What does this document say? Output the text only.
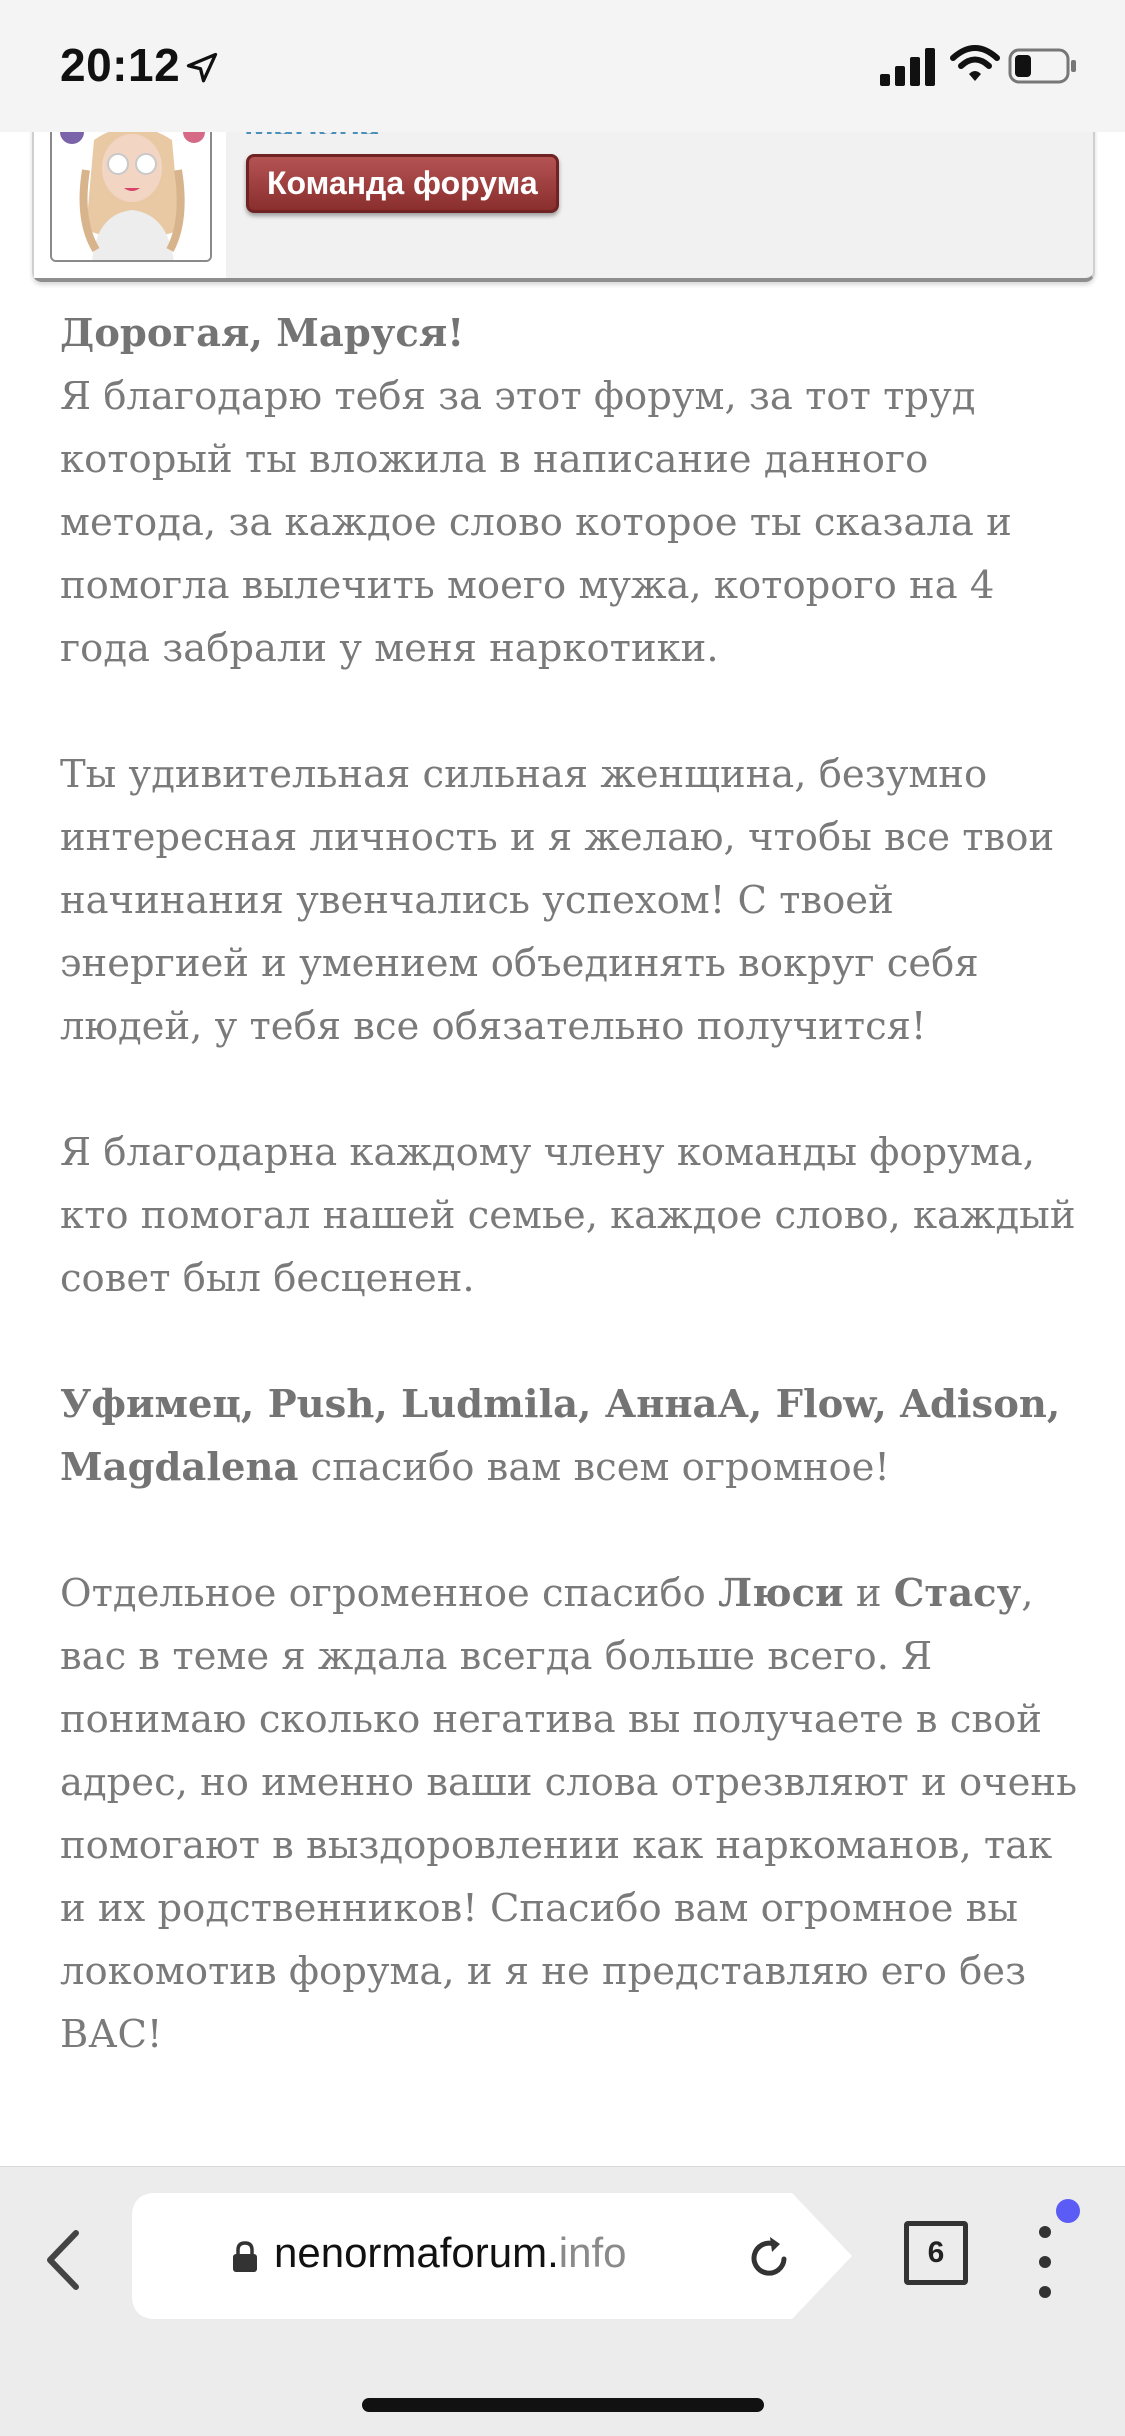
20:12
Команда форума

Дорогая, Маруся!
Я благодарю тебя за этот форум, за тот труд который ты вложила в написание данного метода, за каждое слово которое ты сказала и помогла вылечить моего мужа, которого на 4 года забрали у меня наркотики.

Ты удивительная сильная женщина, безумно интересная личность и я желаю, чтобы все твои начинания увенчались успехом! С твоей энергией и умением объединять вокруг себя людей, у тебя все обязательно получится!

Я благодарна каждому члену команды форума, кто помогал нашей семье, каждое слово, каждый совет был бесценен.

Уфимец, Push, Ludmila, АннаА, Flow, Adison, Magdalena спасибо вам всем огромное!

Отдельное огроменное спасибо Люси и Стасу, вас в теме я ждала всегда больше всего. Я понимаю сколько негатива вы получаете в свой адрес, но именно ваши слова отрезвляют и очень помогают в выздоровлении как наркоманов, так и их родственников! Спасибо вам огромное вы локомотив форума, и я не представляю его без ВАС!

nenormaforum.info	6
